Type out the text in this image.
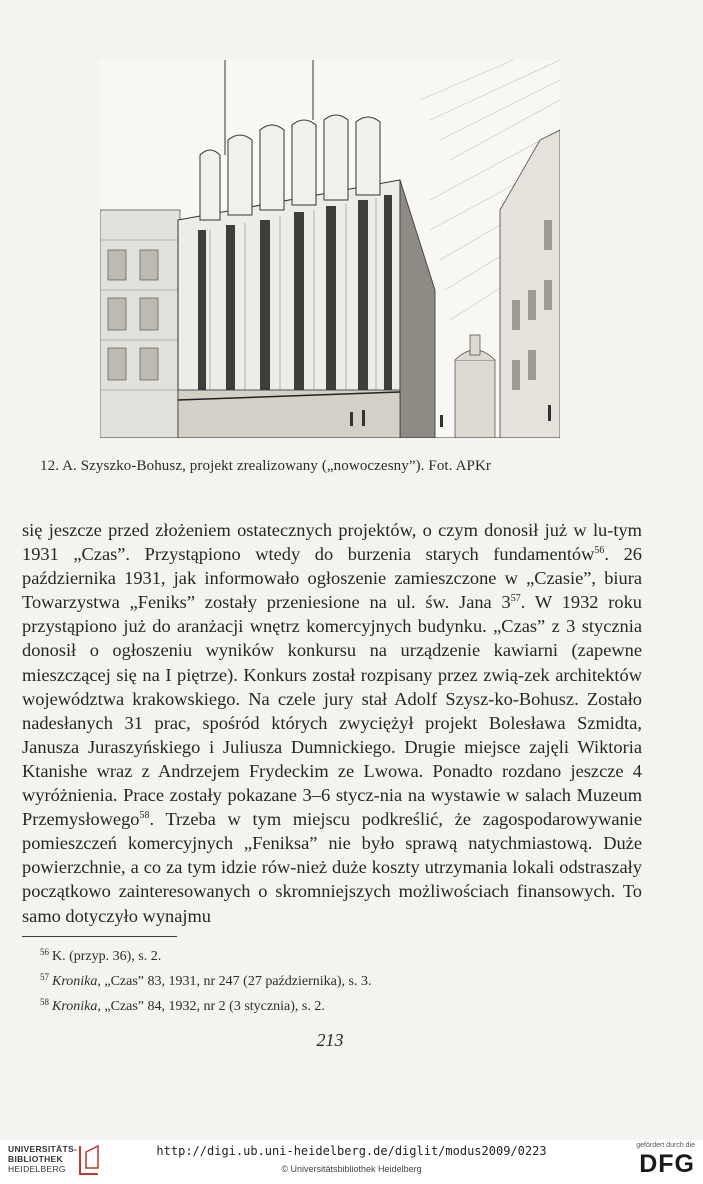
12. A. Szyszko-Bohusz, projekt zrealizowany („nowoczesny”). Fot. APKr

się jeszcze przed złożeniem ostatecznych projektów, o czym donosił już w lu-tym 1931 „Czas”. Przystąpiono wtedy do burzenia starych fundamentów$^{56}$. 26 października 1931, jak informowało ogłoszenie zamieszczone w „Czasie”, biura Towarzystwa „Feniks” zostały przeniesione na ul. św. Jana 3$^{57}$. W 1932 roku przystąpiono już do aranżacji wnętrz komercyjnych budynku. „Czas” z 3 stycznia donosił o ogłoszeniu wyników konkursu na urządzenie kawiarni (zapewne mieszczącej się na I piętrze). Konkurs został rozpisany przez zwią-zek architektów województwa krakowskiego. Na czele jury stał Adolf Szysz-ko-Bohusz. Zostało nadesłanych 31 prac, spośród których zwyciężył projekt Bolesława Szmidta, Janusza Juraszyńskiego i Juliusza Dumnickiego. Drugie miejsce zajęli Wiktoria Ktanishe wraz z Andrzejem Frydeckim ze Lwowa. Ponadto rozdano jeszcze 4 wyróżnienia. Prace zostały pokazane 3–6 stycz-nia na wystawie w salach Muzeum Przemysłowego$^{58}$. Trzeba w tym miejscu podkreślić, że zagospodarowywanie pomieszczeń komercyjnych „Feniksa” nie było sprawą natychmiastową. Duże powierzchnie, a co za tym idzie rów-nież duże koszty utrzymania lokali odstraszały początkowo zainteresowanych o skromniejszych możliwościach finansowych. To samo dotyczyło wynajmu

$^{56}$ K. (przyp. 36), s. 2.
$^{57}$ Kronika, „Czas” 83, 1931, nr 247 (27 października), s. 3.
$^{58}$ Kronika, „Czas” 84, 1932, nr 2 (3 stycznia), s. 2.
213
UNIVERSITÄTS-
BIBLIOTHEK
HEIDELBERG
http://digi.ub.uni-heidelberg.de/diglit/modus2009/0223
© Universitätsbibliothek Heidelberg
gefördert durch die
DFG
